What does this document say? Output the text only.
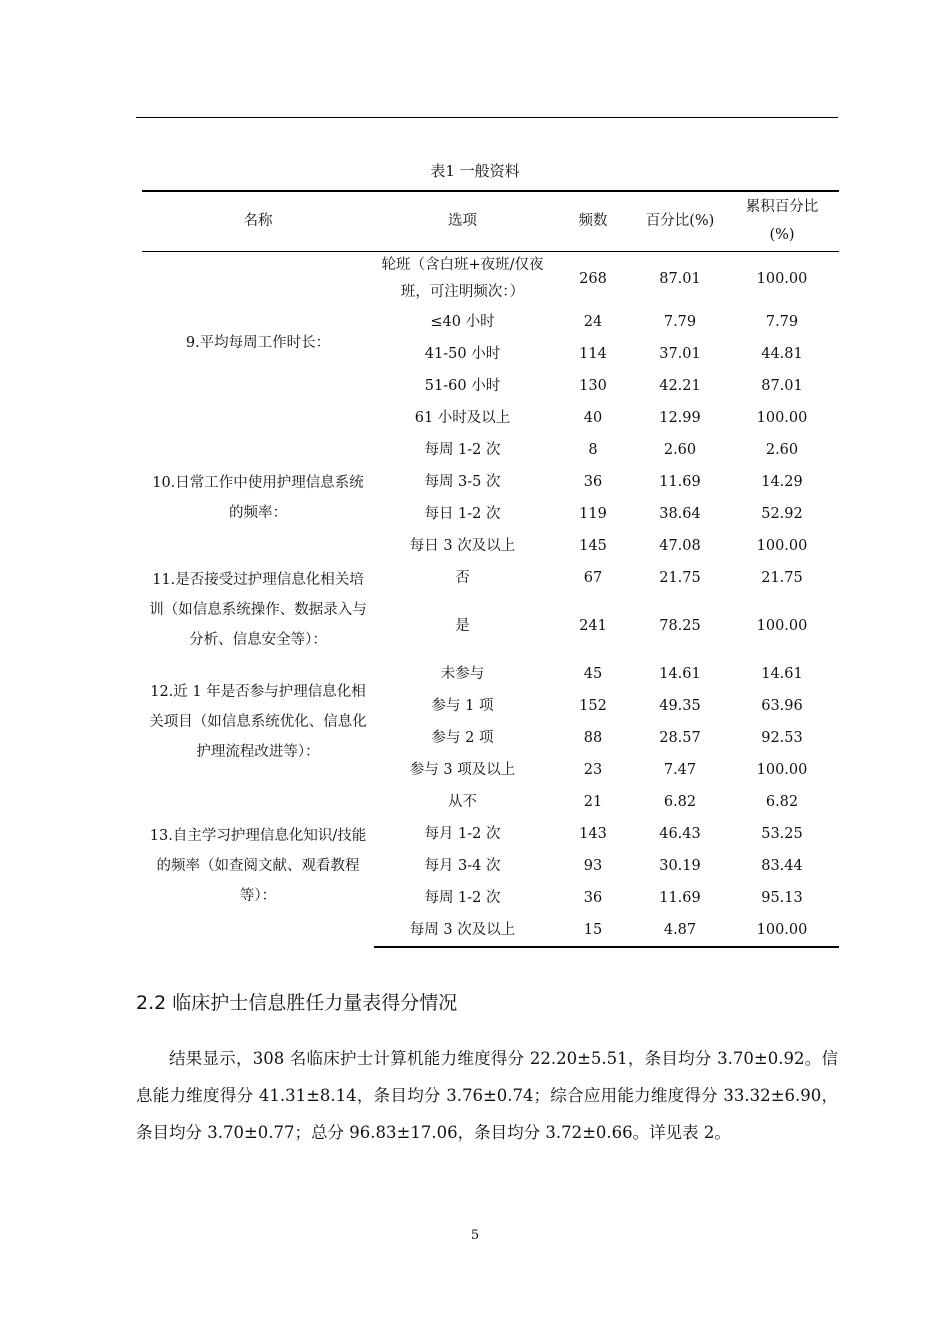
表1 一般资料
名称	选项	频数	百分比(%)	累积百分比
(%)
9.平均每周工作时长：	轮班（含白班+夜班/仅夜班，可注明频次：）	268	87.01	100.00
	≤40 小时	24	7.79	7.79
	41-50 小时	114	37.01	44.81
	51-60 小时	130	42.21	87.01
	61 小时及以上	40	12.99	100.00
10.日常工作中使用护理信息系统的频率：	每周 1-2 次	8	2.60	2.60
	每周 3-5 次	36	11.69	14.29
	每日 1-2 次	119	38.64	52.92
	每日 3 次及以上	145	47.08	100.00
11.是否接受过护理信息化相关培训（如信息系统操作、数据录入与分析、信息安全等）：	否	67	21.75	21.75
	是	241	78.25	100.00
12.近 1 年是否参与护理信息化相关项目（如信息系统优化、信息化护理流程改进等）：	未参与	45	14.61	14.61
	参与 1 项	152	49.35	63.96
	参与 2 项	88	28.57	92.53
	参与 3 项及以上	23	7.47	100.00
13.自主学习护理信息化知识/技能的频率（如查阅文献、观看教程等）：	从不	21	6.82	6.82
	每月 1-2 次	143	46.43	53.25
	每月 3-4 次	93	30.19	83.44
	每周 1-2 次	36	11.69	95.13
	每周 3 次及以上	15	4.87	100.00
2.2 临床护士信息胜任力量表得分情况
结果显示，308 名临床护士计算机能力维度得分 22.20±5.51，条目均分 3.70±0.92。信息能力维度得分 41.31±8.14，条目均分 3.76±0.74；综合应用能力维度得分 33.32±6.90，条目均分 3.70±0.77；总分 96.83±17.06，条目均分 3.72±0.66。详见表 2。
5
